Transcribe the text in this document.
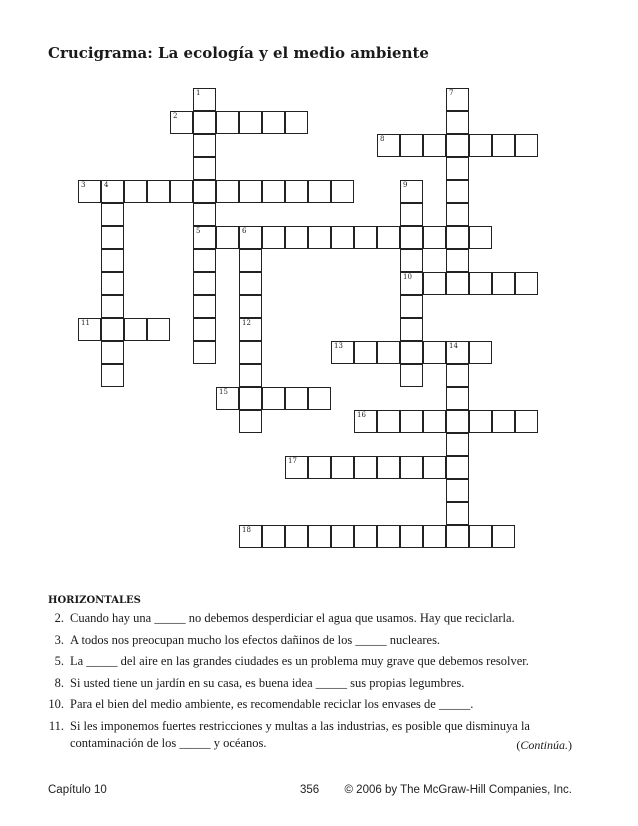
Crucigrama: La ecología y el medio ambiente
1
5
2
3	4
6
12
7
8
9
10
11
13	14
15
16
17
18
HORIZONTALES
2. Cuando hay una _____ no debemos desperdiciar el agua que usamos. Hay que reciclarla.
3. A todos nos preocupan mucho los efectos dañinos de los _____ nucleares.
5. La _____ del aire en las grandes ciudades es un problema muy grave que debemos resolver.
8. Si usted tiene un jardín en su casa, es buena idea _____ sus propias legumbres.
10. Para el bien del medio ambiente, es recomendable reciclar los envases de _____.
11. Si les imponemos fuertes restricciones y multas a las industrias, es posible que disminuya la contaminación de los _____ y océanos.	(Continúa.)
Capítulo 10	356 © 2006 by The McGraw-Hill Companies, Inc.
